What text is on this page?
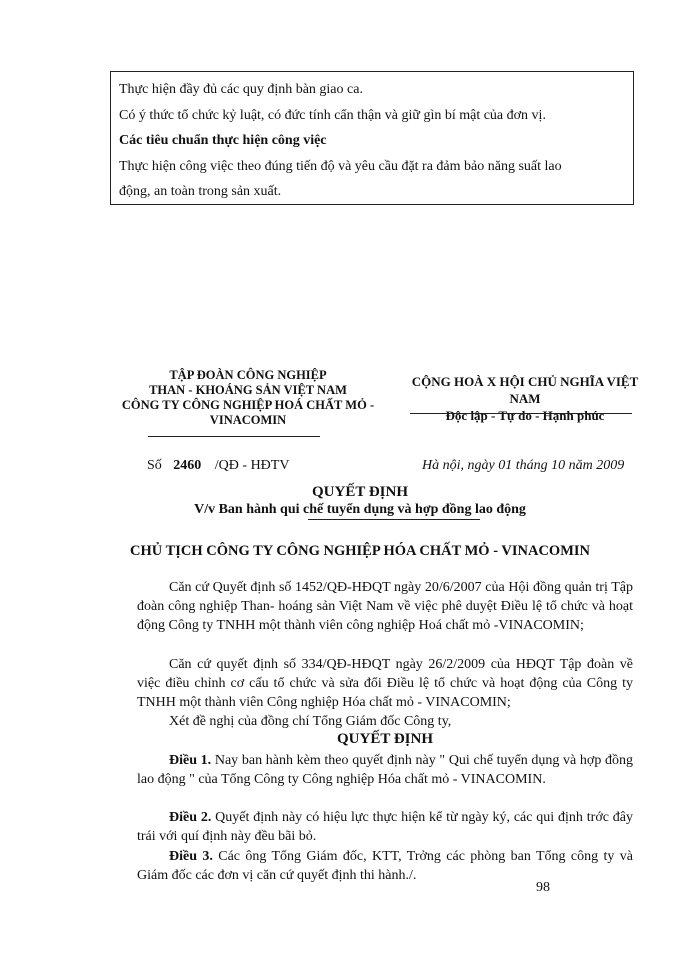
Thực hiện đầy đủ các quy định bàn giao ca.
Có ý thức tổ chức kỷ luật, có đức tính cẩn thận và giữ gìn bí mật của đơn vị.
Các tiêu chuẩn thực hiện công việc
Thực hiện công việc theo đúng tiến độ và yêu cầu đặt ra đảm bảo năng suất lao
động, an toàn trong sản xuất.
TẬP ĐOÀN CÔNG NGHIỆP
THAN - KHOÁNG SẢN VIỆT NAM
CÔNG TY CÔNG NGHIỆP HOÁ CHẤT MỎ -
VINACOMIN
CỘNG HOÀ X HỘI CHỦ NGHĨA VIỆT NAM
Độc lập - Tự do - Hạnh phúc
Số 2460 /QĐ - HĐTV	Hà nội, ngày 01 tháng 10 năm 2009
QUYẾT ĐỊNH
V/v Ban hành qui chế tuyển dụng và hợp đồng lao động
CHỦ TỊCH CÔNG TY CÔNG NGHIỆP HÓA CHẤT MỎ - VINACOMIN
Căn cứ Quyết định số 1452/QĐ-HĐQT ngày 20/6/2007 của Hội đồng quản trị Tập đoàn công nghiệp Than- hoáng sản Việt Nam về việc phê duyệt Điều lệ tổ chức và hoạt động Công ty TNHH một thành viên công nghiệp Hoá chất mỏ -VINACOMIN;
Căn cứ quyết định số 334/QĐ-HĐQT ngày 26/2/2009 của HĐQT Tập đoàn về việc điều chỉnh cơ cấu tổ chức và sửa đổi Điều lệ tổ chức và hoạt động của Công ty TNHH một thành viên Công nghiệp Hóa chất mỏ - VINACOMIN;
Xét đề nghị của đồng chí Tổng Giám đốc Công ty,
QUYẾT ĐỊNH
Điều 1. Nay ban hành kèm theo quyết định này " Qui chế tuyển dụng và hợp đồng lao động " của Tổng Công ty Công nghiệp Hóa chất mỏ - VINACOMIN.
Điều 2. Quyết định này có hiệu lực thực hiện kể từ ngày ký, các qui định trớc đây trái với quí định này đều bãi bỏ.
Điều 3. Các ông Tổng Giám đốc, KTT, Trởng các phòng ban Tổng công ty và Giám đốc các đơn vị căn cứ quyết định thi hành./.
98
